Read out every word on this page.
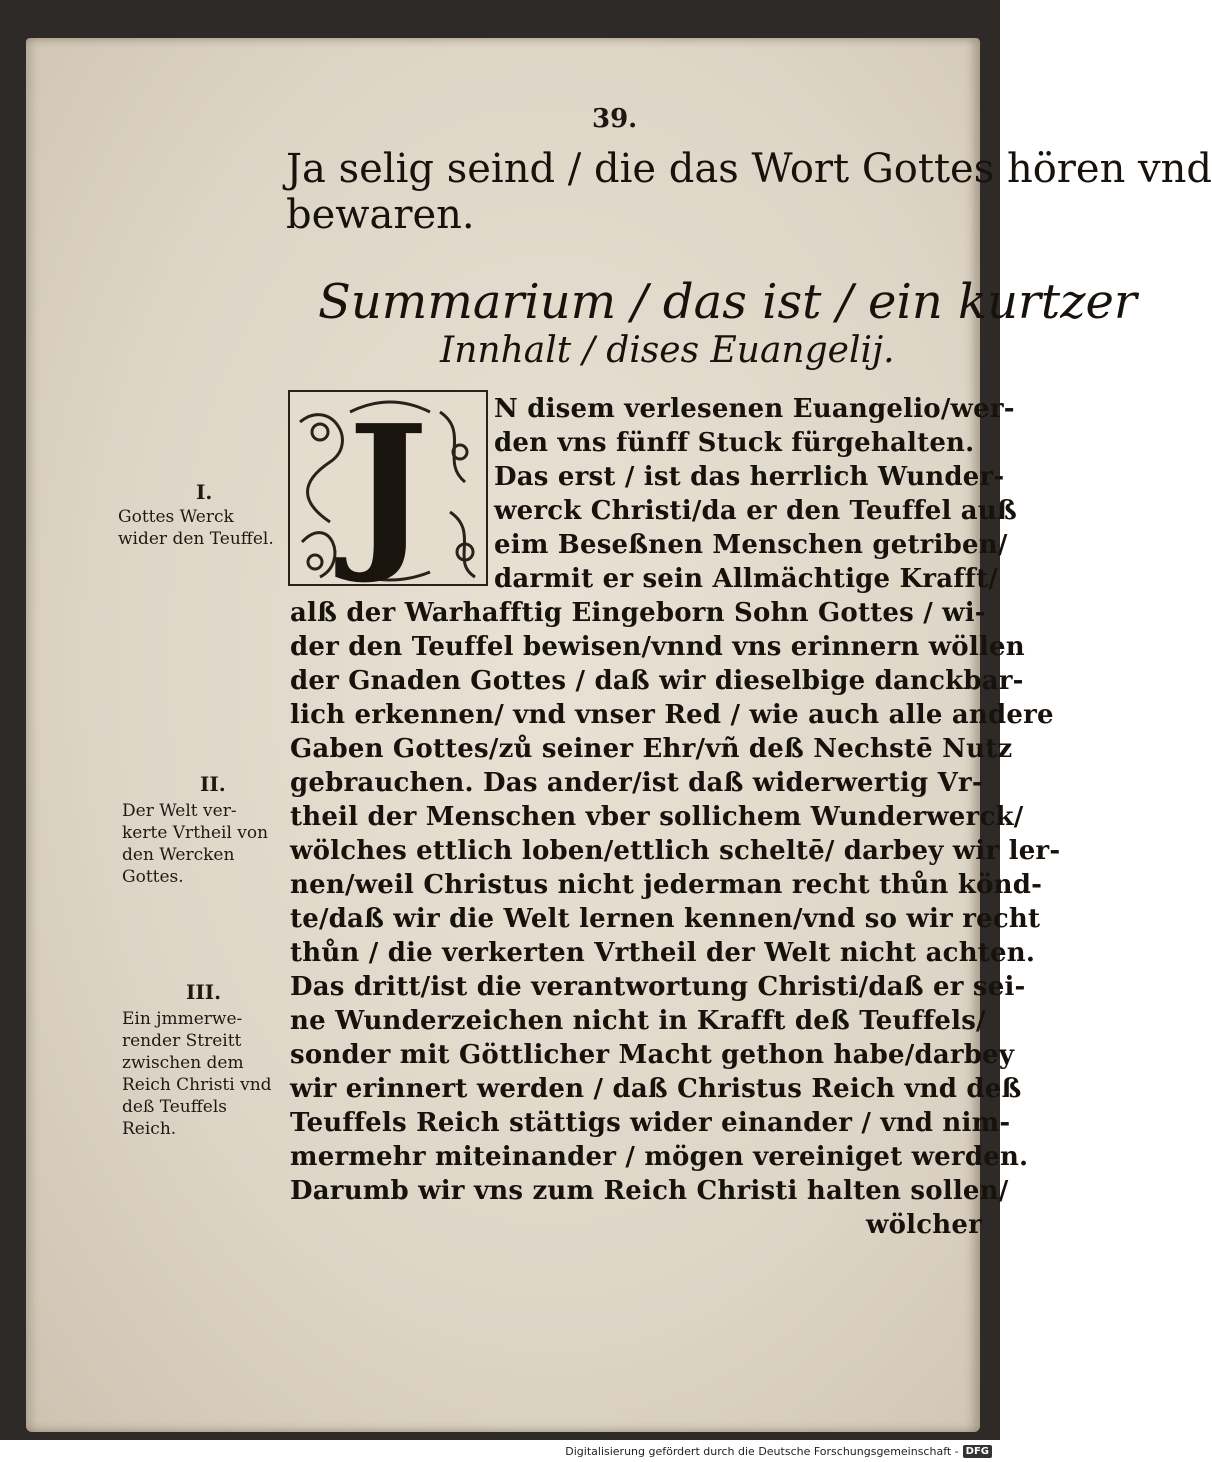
39.
Ja selig seind / die das Wort Gottes hören vnd
bewaren.
Summarium / das ist / ein kurtzer
Innhalt / dises Euangelij.
J	N disem verlesenen Euangelio/wer-
den vns fünff Stuck fürgehalten.
Das erst / ist das herrlich Wunder-
werck Christi/da er den Teuffel auß
eim Beseßnen Menschen getriben/
darmit er sein Allmächtige Krafft/
alß der Warhafftig Eingeborn Sohn Gottes / wi-
der den Teuffel bewisen/vnnd vns erinnern wöllen
der Gnaden Gottes / daß wir dieselbige danckbar-
lich erkennen/ vnd vnser Red / wie auch alle andere
Gaben Gottes/zů seiner Ehr/vñ deß Nechstē Nutz
gebrauchen. Das ander/ist daß widerwertig Vr-
theil der Menschen vber sollichem Wunderwerck/
wölches ettlich loben/ettlich scheltē/ darbey wir ler-
nen/weil Christus nicht jederman recht thůn könd-
te/daß wir die Welt lernen kennen/vnd so wir recht
thůn / die verkerten Vrtheil der Welt nicht achten.
Das dritt/ist die verantwortung Christi/daß er sei-
ne Wunderzeichen nicht in Krafft deß Teuffels/
sonder mit Göttlicher Macht gethon habe/darbey
wir erinnert werden / daß Christus Reich vnd deß
Teuffels Reich stättigs wider einander / vnd nim-
mermehr miteinander / mögen vereiniget werden.
Darumb wir vns zum Reich Christi halten sollen/
wölcher
I.
Gottes Werck
wider den Teuffel.
II.
Der Welt ver-
kerte Vrtheil von
den Wercken
Gottes.
III.
Ein jmmerwe-
render Streitt
zwischen dem
Reich Christi vnd
deß Teuffels
Reich.
Digitalisierung gefördert durch die Deutsche Forschungsgemeinschaft - DFG
